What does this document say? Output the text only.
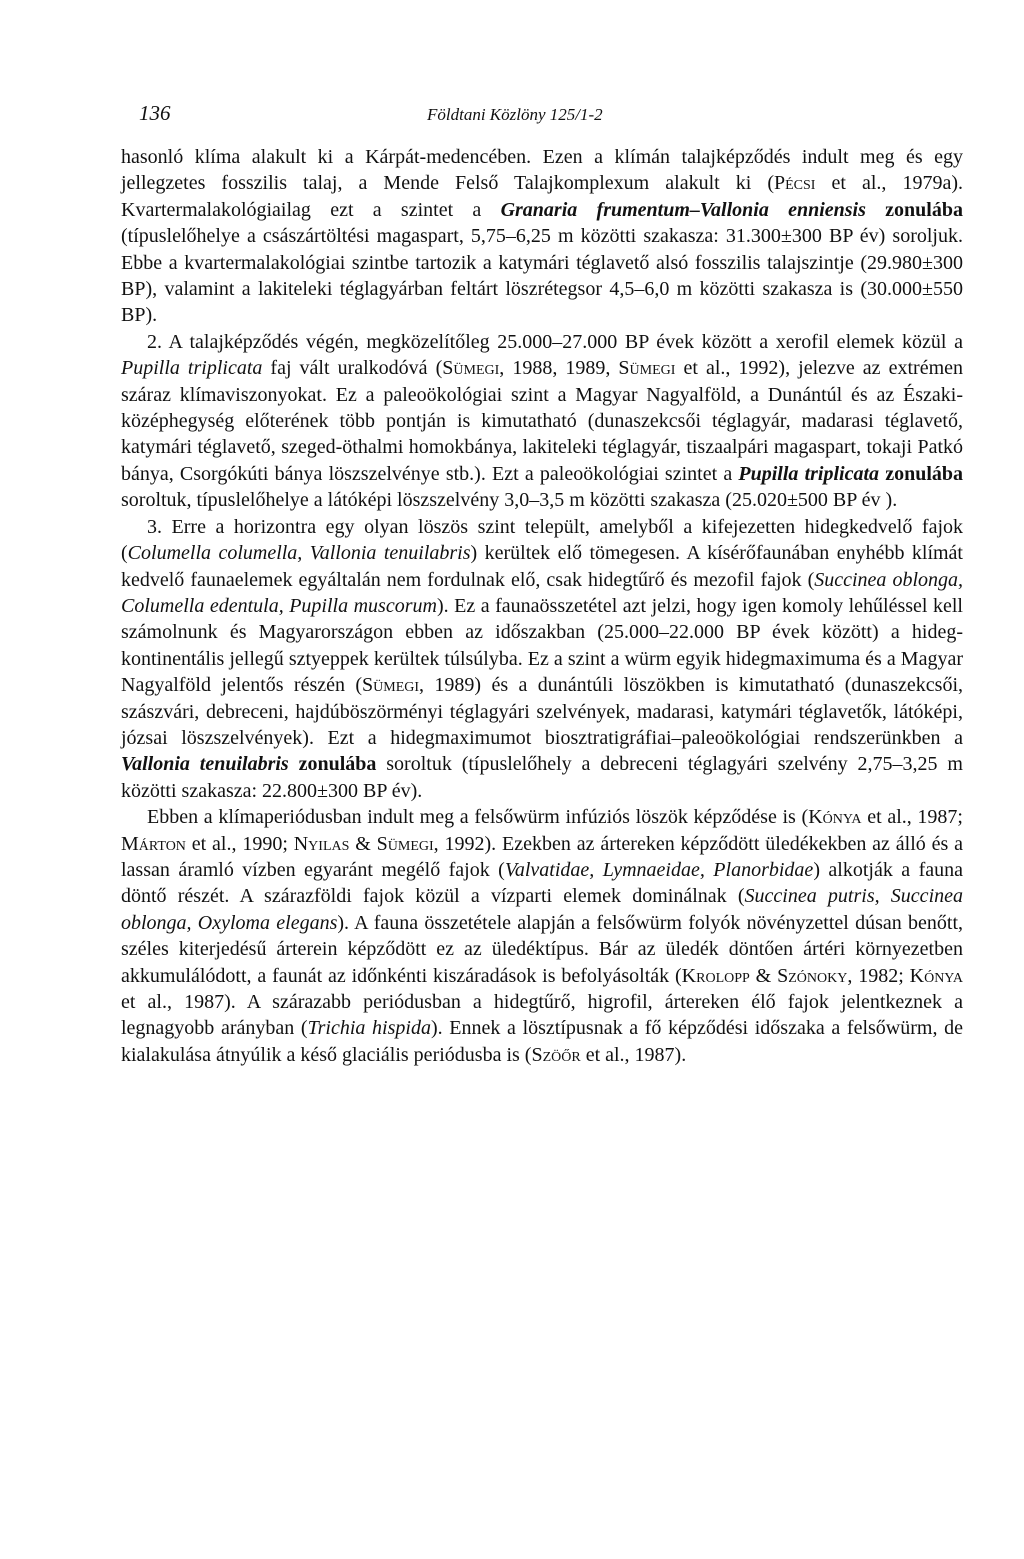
136	Földtani Közlöny 125/1-2

hasonló klíma alakult ki a Kárpát-medencében. Ezen a klímán talajképződés indult meg és egy jellegzetes fosszilis talaj, a Mende Felső Talajkomplexum alakult ki (Pécsi et al., 1979a). Kvartermalakológiailag ezt a szintet a Granaria frumentum–Vallonia enniensis zonulába (típuslelőhelye a császártöltési magaspart, 5,75–6,25 m közötti szakasza: 31.300±300 BP év) soroljuk. Ebbe a kvartermalakológiai szintbe tartozik a katymári téglavető alsó fosszilis talajszintje (29.980±300 BP), valamint a lakiteleki téglagyárban feltárt löszrétegsor 4,5–6,0 m közötti szakasza is (30.000±550 BP).

2. A talajképződés végén, megközelítőleg 25.000–27.000 BP évek között a xerofil elemek közül a Pupilla triplicata faj vált uralkodóvá (Sümegi, 1988, 1989, Sümegi et al., 1992), jelezve az extrémen száraz klímaviszonyokat. Ez a paleoökológiai szint a Magyar Nagyalföld, a Dunántúl és az Északi-középhegység előterének több pontján is kimutatható (dunaszekcsői téglagyár, madarasi téglavető, katymári téglavető, szeged-öthalmi homokbánya, lakiteleki téglagyár, tiszaalpári magaspart, tokaji Patkó bánya, Csorgókúti bánya löszszelvénye stb.). Ezt a paleoökológiai szintet a Pupilla triplicata zonulába soroltuk, típuslelőhelye a látóképi löszszelvény 3,0–3,5 m közötti szakasza (25.020±500 BP év ).

3. Erre a horizontra egy olyan löszös szint települt, amelyből a kifejezetten hidegkedvelő fajok (Columella columella, Vallonia tenuilabris) kerültek elő tömegesen. A kísérőfaunában enyhébb klímát kedvelő faunaelemek egyáltalán nem fordulnak elő, csak hidegtűrő és mezofil fajok (Succinea oblonga, Columella edentula, Pupilla muscorum). Ez a faunaösszetétel azt jelzi, hogy igen komoly lehűléssel kell számolnunk és Magyarországon ebben az időszakban (25.000–22.000 BP évek között) a hideg-kontinentális jellegű sztyeppek kerültek túlsúlyba. Ez a szint a würm egyik hidegmaximuma és a Magyar Nagyalföld jelentős részén (Sümegi, 1989) és a dunántúli löszökben is kimutatható (dunaszekcsői, szászvári, debreceni, hajdúböszörményi téglagyári szelvények, madarasi, katymári téglavetők, látóképi, józsai löszszelvények). Ezt a hidegmaximumot biosztratigráfiai–paleoökológiai rendszerünkben a Vallonia tenuilabris zonulába soroltuk (típuslelőhely a debreceni téglagyári szelvény 2,75–3,25 m közötti szakasza: 22.800±300 BP év).

Ebben a klímaperiódusban indult meg a felsőwürm infúziós löszök képződése is (Kónya et al., 1987; Márton et al., 1990; Nyilas & Sümegi, 1992). Ezekben az ártereken képződött üledékekben az álló és a lassan áramló vízben egyaránt megélő fajok (Valvatidae, Lymnaeidae, Planorbidae) alkotják a fauna döntő részét. A szárazföldi fajok közül a vízparti elemek dominálnak (Succinea putris, Succinea oblonga, Oxyloma elegans). A fauna összetétele alapján a felsőwürm folyók növényzettel dúsan benőtt, széles kiterjedésű árterein képződött ez az üledéktípus. Bár az üledék döntően ártéri környezetben akkumulálódott, a faunát az időnkénti kiszáradások is befolyásolták (Krolopp & Szónoky, 1982; Kónya et al., 1987). A szárazabb periódusban a hidegtűrő, higrofil, ártereken élő fajok jelentkeznek a legnagyobb arányban (Trichia hispida). Ennek a lösztípusnak a fő képződési időszaka a felsőwürm, de kialakulása átnyúlik a késő glaciális periódusba is (Szöőr et al., 1987).
